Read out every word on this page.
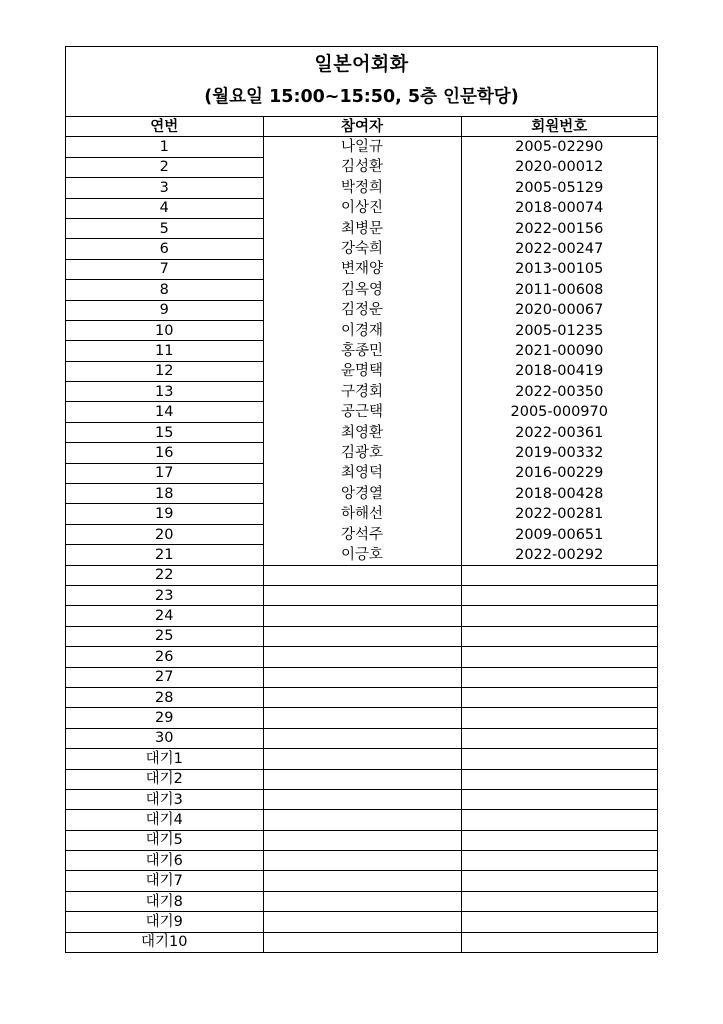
일본어회화
(월요일 15:00~15:50, 5층 인문학당)
연번	참여자	회원번호
1	나일규	2005-02290
2	김성환	2020-00012
3	박정희	2005-05129
4	이상진	2018-00074
5	최병문	2022-00156
6	강숙희	2022-00247
7	변재양	2013-00105
8	김옥영	2011-00608
9	김정운	2020-00067
10	이경재	2005-01235
11	홍종민	2021-00090
12	윤명택	2018-00419
13	구경회	2022-00350
14	공근택	2005-000970
15	최영환	2022-00361
16	김광호	2019-00332
17	최영덕	2016-00229
18	앙경열	2018-00428
19	하해선	2022-00281
20	강석주	2009-00651
21	이긍호	2022-00292
22		
23		
24		
25		
26		
27		
28		
29		
30		
대기1		
대기2		
대기3		
대기4		
대기5		
대기6		
대기7		
대기8		
대기9		
대기10		
